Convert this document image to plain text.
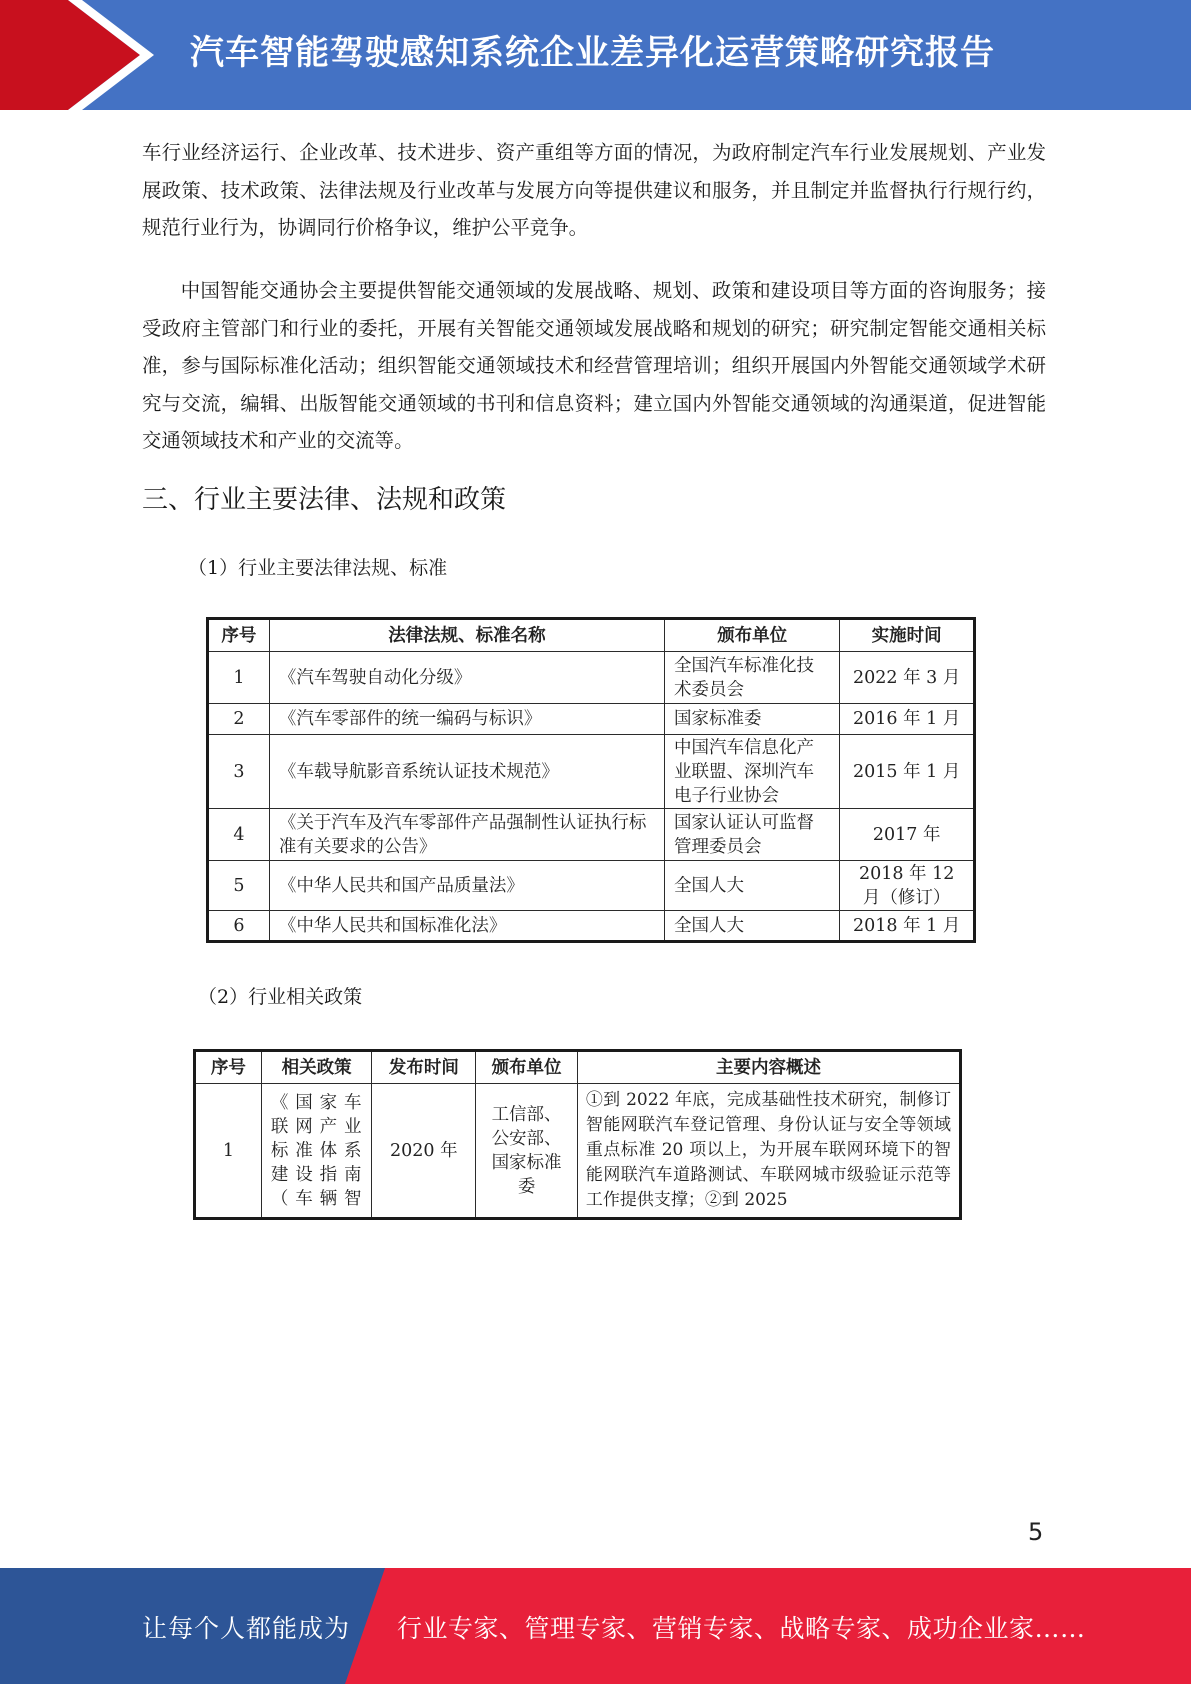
汽车智能驾驶感知系统企业差异化运营策略研究报告

车行业经济运行、企业改革、技术进步、资产重组等方面的情况，为政府制定汽车行业发展规划、产业发展政策、技术政策、法律法规及行业改革与发展方向等提供建议和服务，并且制定并监督执行行规行约，规范行业行为，协调同行价格争议，维护公平竞争。

中国智能交通协会主要提供智能交通领域的发展战略、规划、政策和建设项目等方面的咨询服务；接受政府主管部门和行业的委托，开展有关智能交通领域发展战略和规划的研究；研究制定智能交通相关标准，参与国际标准化活动；组织智能交通领域技术和经营管理培训；组织开展国内外智能交通领域学术研究与交流，编辑、出版智能交通领域的书刊和信息资料；建立国内外智能交通领域的沟通渠道，促进智能交通领域技术和产业的交流等。

三、行业主要法律、法规和政策

（1）行业主要法律法规、标准

序号	法律法规、标准名称	颁布单位	实施时间
1	《汽车驾驶自动化分级》	全国汽车标准化技术委员会	2022 年 3 月
2	《汽车零部件的统一编码与标识》	国家标准委	2016 年 1 月
3	《车载导航影音系统认证技术规范》	中国汽车信息化产业联盟、深圳汽车电子行业协会	2015 年 1 月
4	《关于汽车及汽车零部件产品强制性认证执行标准有关要求的公告》	国家认证认可监督管理委员会	2017 年
5	《中华人民共和国产品质量法》	全国人大	2018 年 12 月（修订）
6	《中华人民共和国标准化法》	全国人大	2018 年 1 月

（2）行业相关政策

序号	相关政策	发布时间	颁布单位	主要内容概述
1	《国家车联网产业标准体系建设指南（车辆智	2020 年	工信部、公安部、国家标准委	①到 2022 年底，完成基础性技术研究，制修订智能网联汽车登记管理、身份认证与安全等领域重点标准 20 项以上，为开展车联网环境下的智能网联汽车道路测试、车联网城市级验证示范等工作提供支撑；②到 2025
5
让每个人都能成为 行业专家、管理专家、营销专家、战略专家、成功企业家……
